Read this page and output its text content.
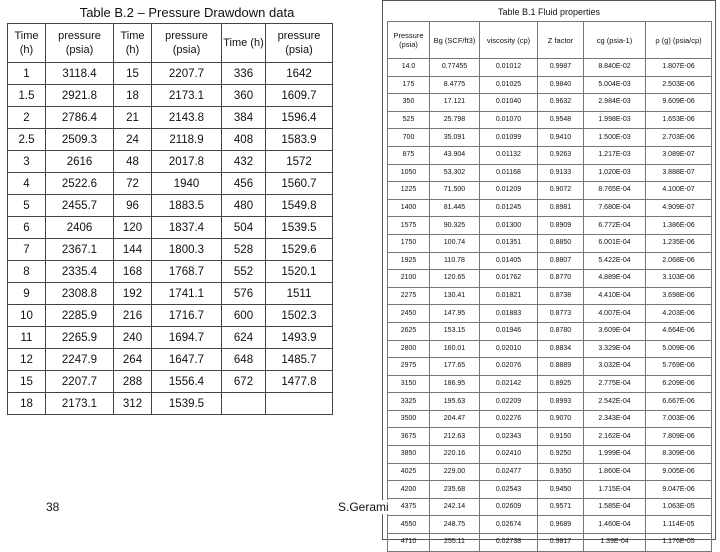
Table B.2 – Pressure Drawdown data
Time (h)	pressure (psia)	Time (h)	pressure (psia)	Time (h)	pressure (psia)
1	3118.4	15	2207.7	336	1642
1.5	2921.8	18	2173.1	360	1609.7
2	2786.4	21	2143.8	384	1596.4
2.5	2509.3	24	2118.9	408	1583.9
3	2616	48	2017.8	432	1572
4	2522.6	72	1940	456	1560.7
5	2455.7	96	1883.5	480	1549.8
6	2406	120	1837.4	504	1539.5
7	2367.1	144	1800.3	528	1529.6
8	2335.4	168	1768.7	552	1520.1
9	2308.8	192	1741.1	576	1511
10	2285.9	216	1716.7	600	1502.3
11	2265.9	240	1694.7	624	1493.9
12	2247.9	264	1647.7	648	1485.7
15	2207.7	288	1556.4	672	1477.8
18	2173.1	312	1539.5		
Table B.1 Fluid properties
Pressure (psia)	Bg (SCF/ft3)	viscosity (cp)	Z factor	cg (psia-1)	ρ (g) (psia/cp)
14.0	0.77455	0.01012	0.9987	8.840E-02	1.807E-06
175	8.4775	0.01025	0.9840	5.004E-03	2.503E-06
350	17.121	0.01040	0.9632	2.984E-03	9.609E-06
525	25.798	0.01070	0.9548	1.998E-03	1.653E-06
700	35.091	0.01099	0.9410	1.500E-03	2.703E-06
875	43.904	0.01132	0.9263	1.217E-03	3.089E-07
1050	53.302	0.01168	0.9133	1.020E-03	3.888E-07
1225	71.500	0.01209	0.9072	8.765E-04	4.100E-07
1400	81.445	0.01245	0.8981	7.680E-04	4.909E-07
1575	90.325	0.01300	0.8909	6.772E-04	1.386E-06
1750	100.74	0.01351	0.8850	6.001E-04	1.235E-06
1925	110.78	0.01405	0.8807	5.422E-04	2.068E-06
2100	120.65	0.01762	0.8770	4.889E-04	3.103E-06
2275	130.41	0.01821	0.8738	4.410E-04	3.698E-06
2450	147.95	0.01883	0.8773	4.007E-04	4.203E-06
2625	153.15	0.01946	0.8780	3.609E-04	4.664E-06
2800	160.01	0.02010	0.8834	3.329E-04	5.009E-06
2975	177.65	0.02076	0.8889	3.032E-04	5.769E-06
3150	186.95	0.02142	0.8925	2.775E-04	6.209E-06
3325	195.63	0.02209	0.8993	2.542E-04	6.667E-06
3500	204.47	0.02276	0.9070	2.343E-04	7.003E-06
3675	212.63	0.02343	0.9150	2.162E-04	7.809E-06
3850	220.16	0.02410	0.9250	1.999E-04	8.309E-06
4025	229.00	0.02477	0.9350	1.860E-04	9.005E-06
4200	235.68	0.02543	0.9450	1.715E-04	9.047E-06
4375	242.14	0.02609	0.9571	1.585E-04	1.063E-05
4550	248.75	0.02674	0.9689	1.460E-04	1.114E-05
4710	255.11	0.02738	0.9817	1.39E-04	1.176E-05
38	S.Gerami
